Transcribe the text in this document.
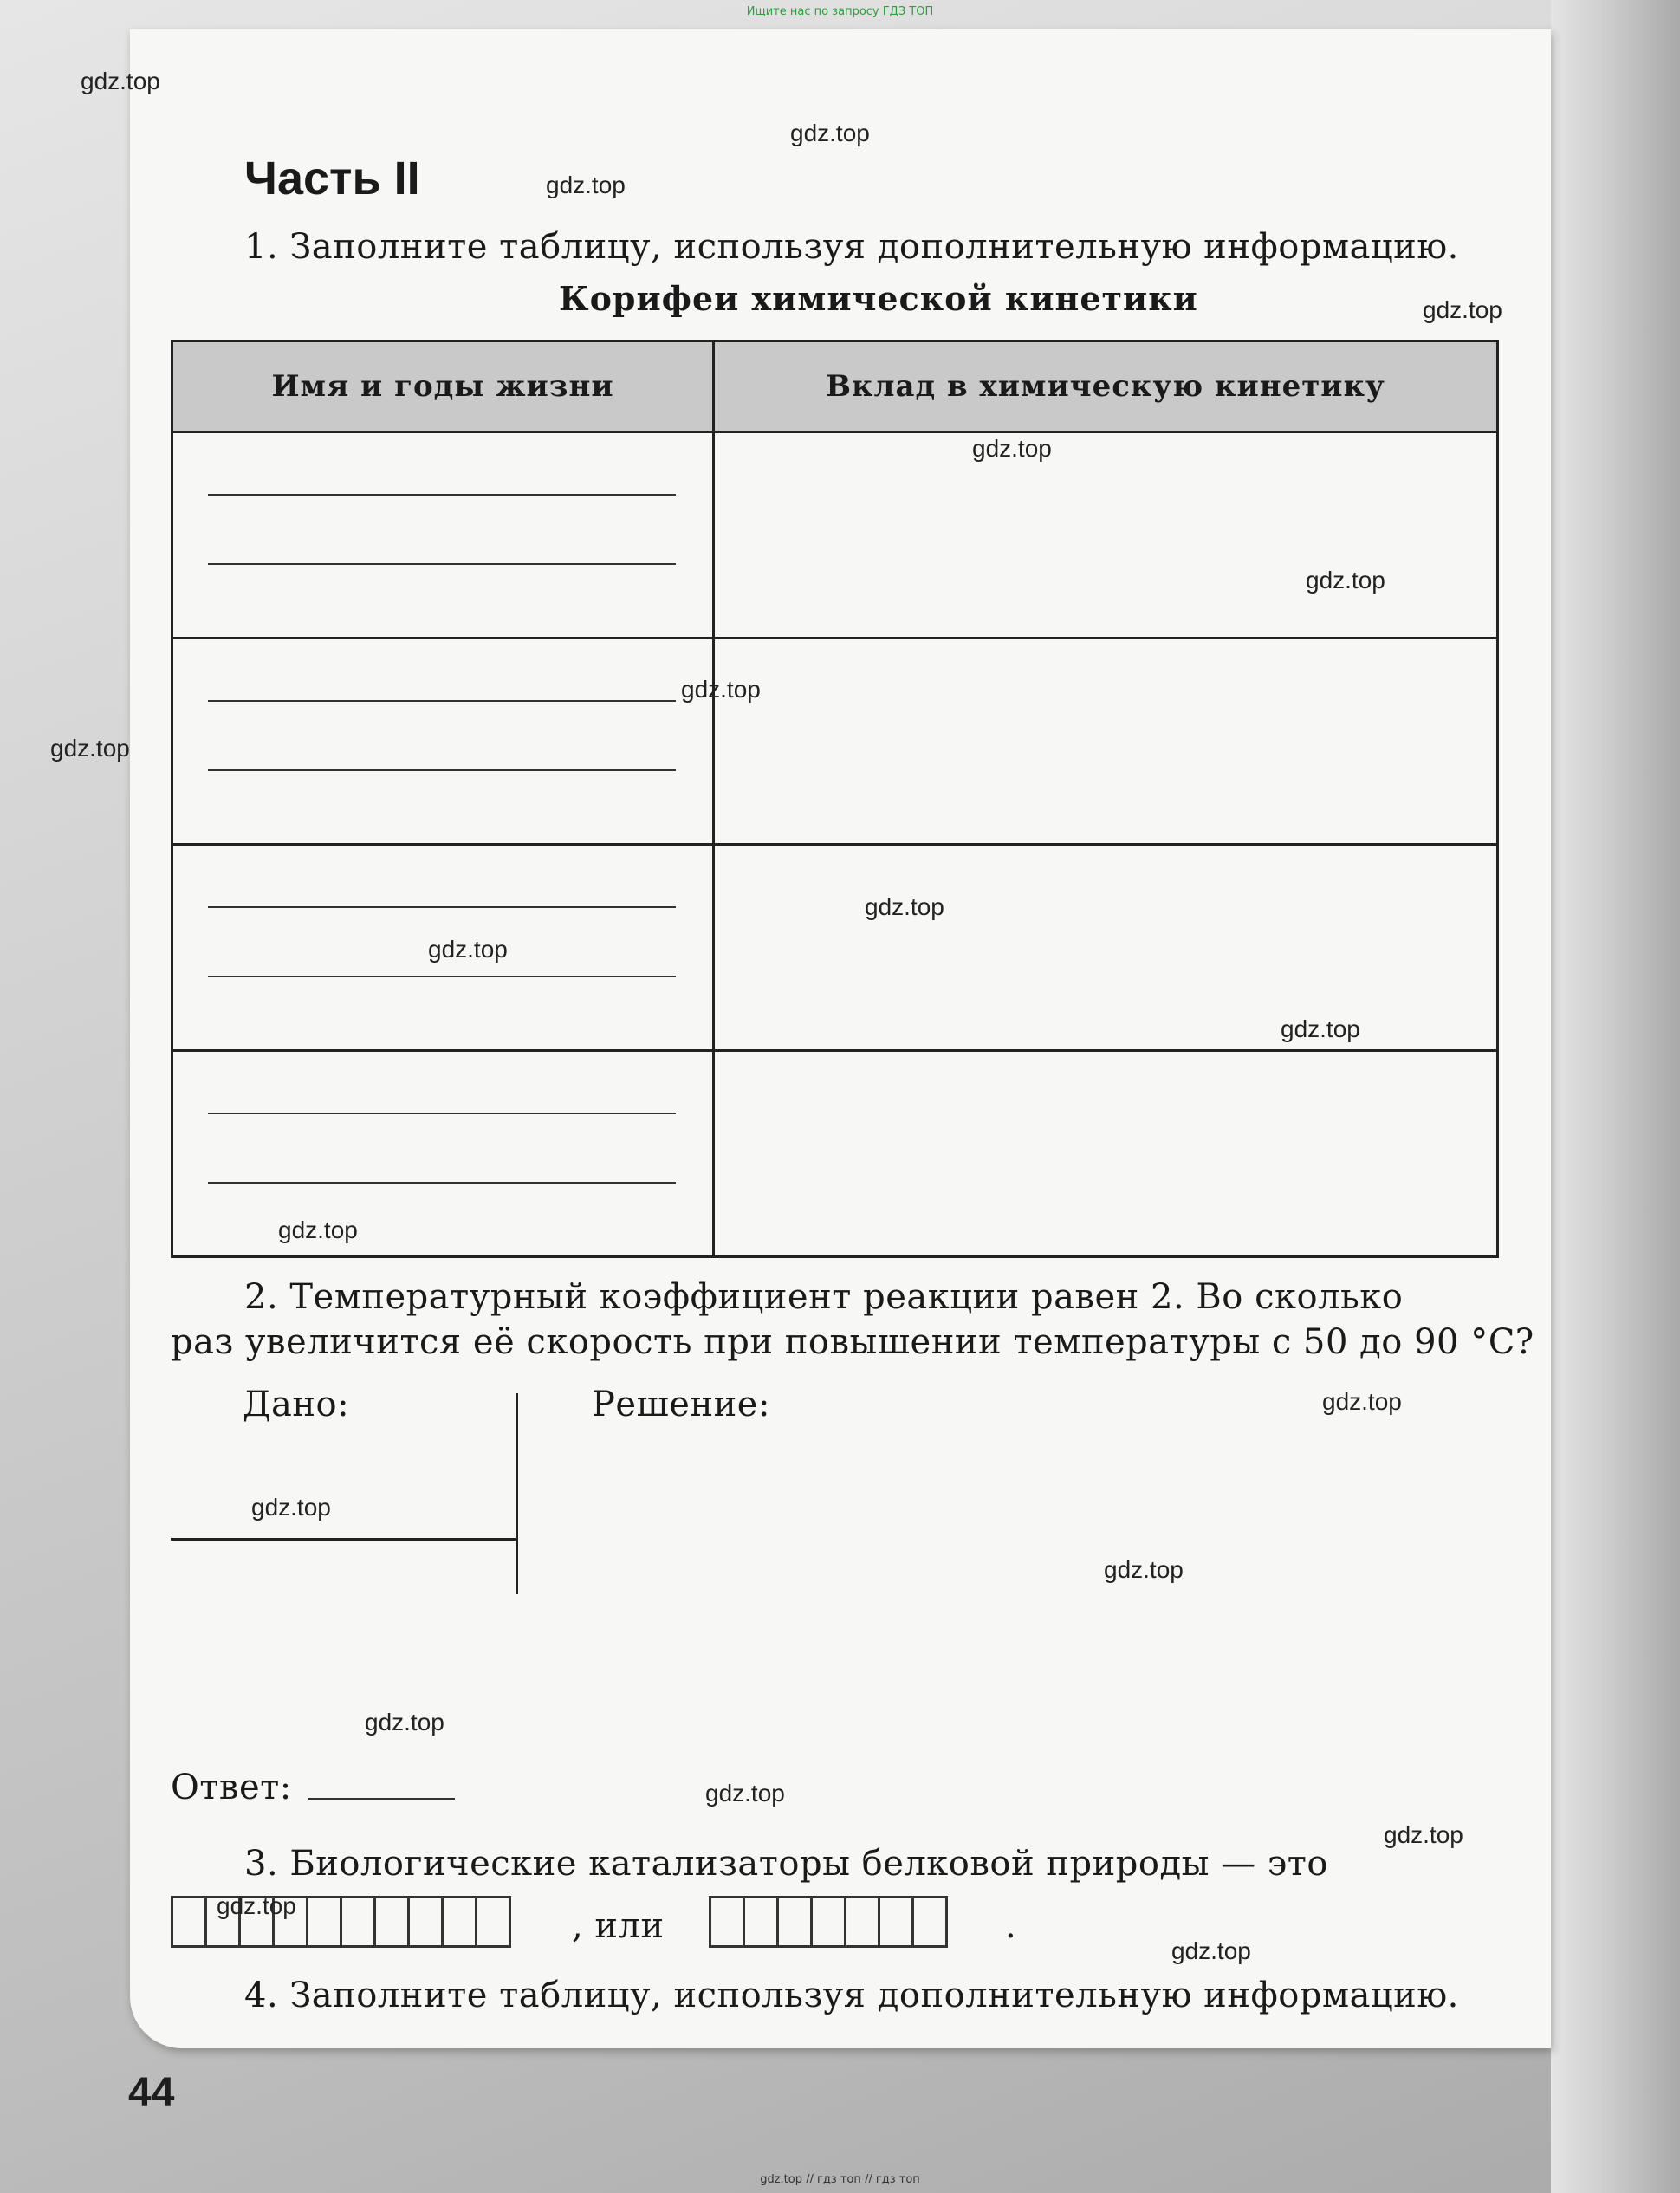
Ищите нас по запросу ГДЗ ТОП
Часть II
1. Заполните таблицу, используя дополнительную информацию.
Корифеи химической кинетики
Имя и годы жизни	Вклад в химическую кинетику

2. Температурный коэффициент реакции равен 2. Во сколько
раз увеличится её скорость при повышении температуры с 50 до 90 °С?
Дано:	Решение:
Ответ:
3. Биологические катализаторы белковой природы — это
, или	.
4. Заполните таблицу, используя дополнительную информацию.
44
gdz.top
gdz.top
gdz.top
gdz.top
gdz.top
gdz.top
gdz.top
gdz.top
gdz.top
gdz.top
gdz.top
gdz.top
gdz.top
gdz.top
gdz.top
gdz.top
gdz.top
gdz.top
gdz.top
gdz.top
gdz.top // гдз топ // гдз топ
